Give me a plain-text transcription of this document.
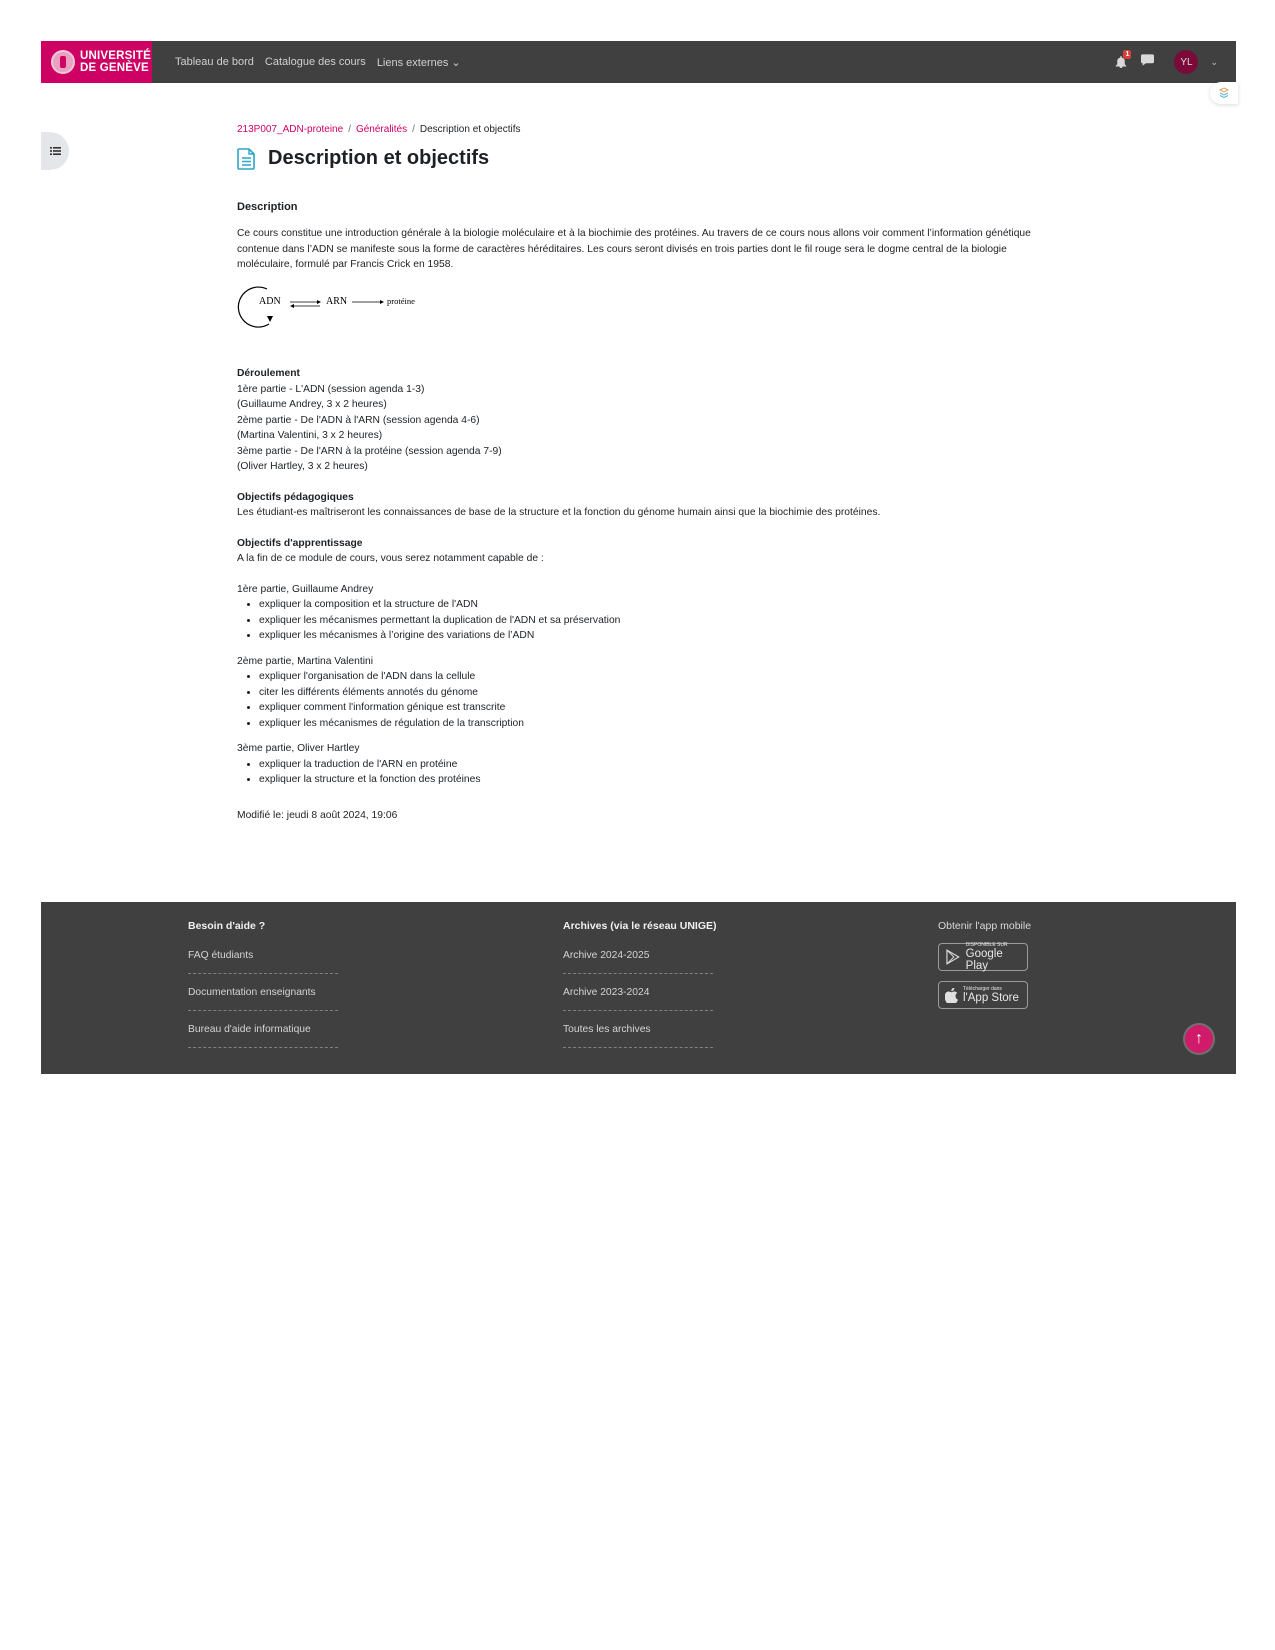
UNIVERSITÉ
DE GENÈVE
Tableau de bord Catalogue des cours Liens externes ⌄
1
YL	⌄
213P007_ADN-proteine / Généralités / Description et objectifs
Description et objectifs
Description

Ce cours constitue une introduction générale à la biologie moléculaire et à la biochimie des protéines. Au travers de ce cours nous allons voir comment l’information génétique contenue dans l’ADN se manifeste sous la forme de caractères héréditaires. Les cours seront divisés en trois parties dont le fil rouge sera le dogme central de la biologie moléculaire, formulé par Francis Crick en 1958.

ADN	ARN	protéine
Déroulement
1ère partie - L'ADN (session agenda 1-3)
(Guillaume Andrey, 3 x 2 heures)
2ème partie - De l'ADN à l'ARN (session agenda 4-6)
(Martina Valentini, 3 x 2 heures)
3ème partie - De l'ARN à la protéine (session agenda 7-9)
(Oliver Hartley, 3 x 2 heures)
Objectifs pédagogiques
Les étudiant-es maîtriseront les connaissances de base de la structure et la fonction du génome humain ainsi que la biochimie des protéines.
Objectifs d'apprentissage
A la fin de ce module de cours, vous serez notamment capable de :
1ère partie, Guillaume Andrey
• expliquer la composition et la structure de l'ADN
• expliquer les mécanismes permettant la duplication de l'ADN et sa préservation
• expliquer les mécanismes à l’origine des variations de l’ADN
2ème partie, Martina Valentini
• expliquer l'organisation de l'ADN dans la cellule
• citer les différents éléments annotés du génome
• expliquer comment l'information génique est transcrite
• expliquer les mécanismes de régulation de la transcription
3ème partie, Oliver Hartley
• expliquer la traduction de l'ARN en protéine
• expliquer la structure et la fonction des protéines
Modifié le: jeudi 8 août 2024, 19:06
Besoin d'aide ?
FAQ étudiants
Documentation enseignants
Bureau d'aide informatique
Archives (via le réseau UNIGE)
Archive 2024-2025
Archive 2023-2024
Toutes les archives
Obtenir l'app mobile
DISPONIBLE SUR
Google Play
Télécharger dans
l'App Store
↑
